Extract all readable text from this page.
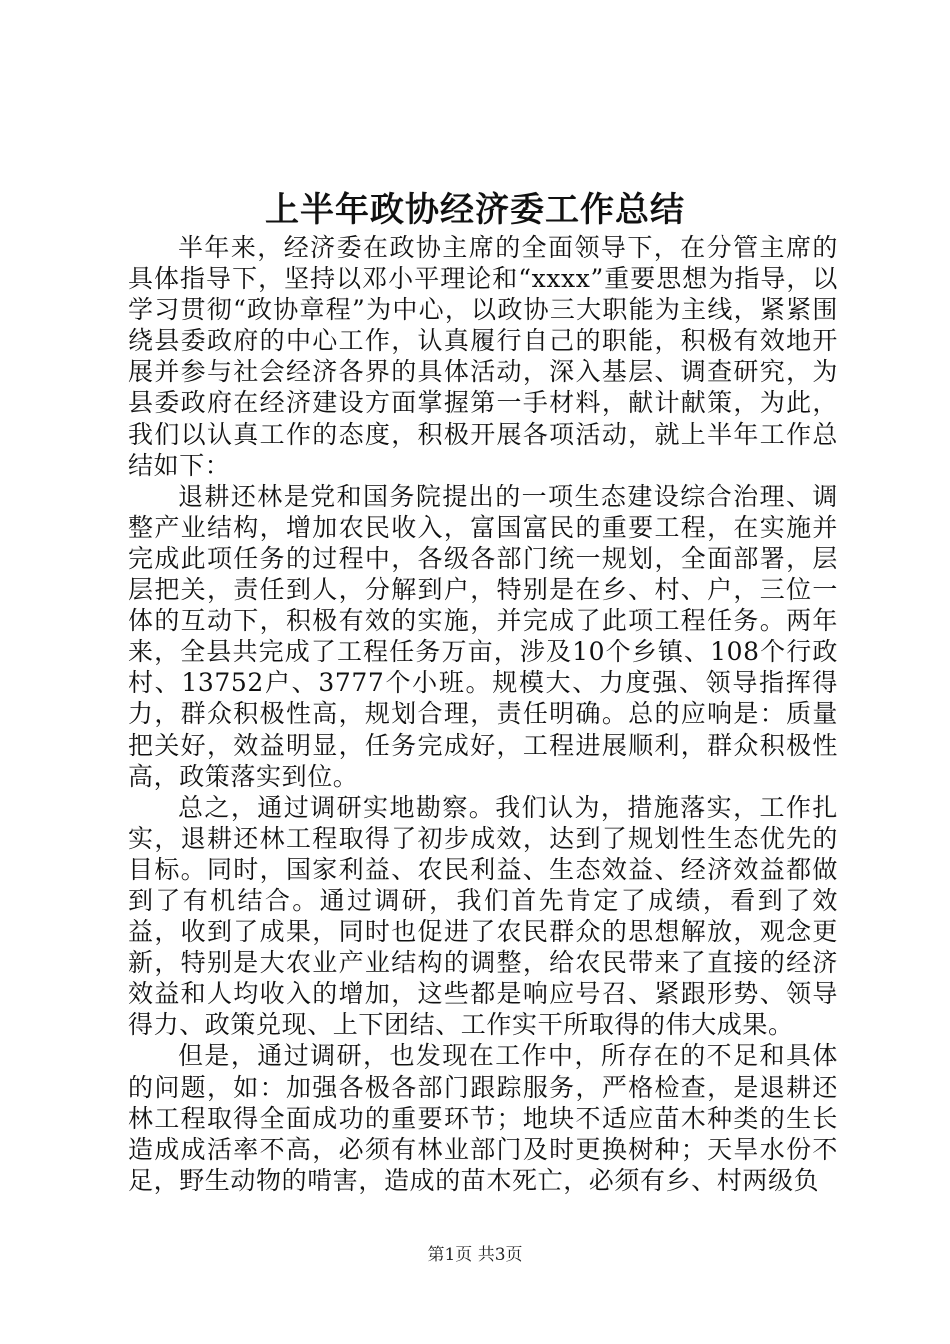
上半年政协经济委工作总结

半年来，经济委在政协主席的全面领导下，在分管主席的具体指导下，坚持以邓小平理论和“xxxx”重要思想为指导，以学习贯彻“政协章程”为中心，以政协三大职能为主线，紧紧围绕县委政府的中心工作，认真履行自己的职能，积极有效地开展并参与社会经济各界的具体活动，深入基层、调查研究，为县委政府在经济建设方面掌握第一手材料，献计献策，为此，我们以认真工作的态度，积极开展各项活动，就上半年工作总结如下：

退耕还林是党和国务院提出的一项生态建设综合治理、调整产业结构，增加农民收入，富国富民的重要工程，在实施并完成此项任务的过程中，各级各部门统一规划，全面部署，层层把关，责任到人，分解到户，特别是在乡、村、户，三位一体的互动下，积极有效的实施，并完成了此项工程任务。两年来，全县共完成了工程任务万亩，涉及10个乡镇、108个行政村、13752户、3777个小班。规模大、力度强、领导指挥得力，群众积极性高，规划合理，责任明确。总的应响是：质量把关好，效益明显，任务完成好，工程进展顺利，群众积极性高，政策落实到位。

总之，通过调研实地勘察。我们认为，措施落实，工作扎实，退耕还林工程取得了初步成效，达到了规划性生态优先的目标。同时，国家利益、农民利益、生态效益、经济效益都做到了有机结合。通过调研，我们首先肯定了成绩，看到了效益，收到了成果，同时也促进了农民群众的思想解放，观念更新，特别是大农业产业结构的调整，给农民带来了直接的经济效益和人均收入的增加，这些都是响应号召、紧跟形势、领导得力、政策兑现、上下团结、工作实干所取得的伟大成果。

但是，通过调研，也发现在工作中，所存在的不足和具体的问题，如：加强各极各部门跟踪服务，严格检查，是退耕还林工程取得全面成功的重要环节；地块不适应苗木种类的生长造成成活率不高，必须有林业部门及时更换树种；天旱水份不足，野生动物的啃害，造成的苗木死亡，必须有乡、村两级负

第1页 共3页
